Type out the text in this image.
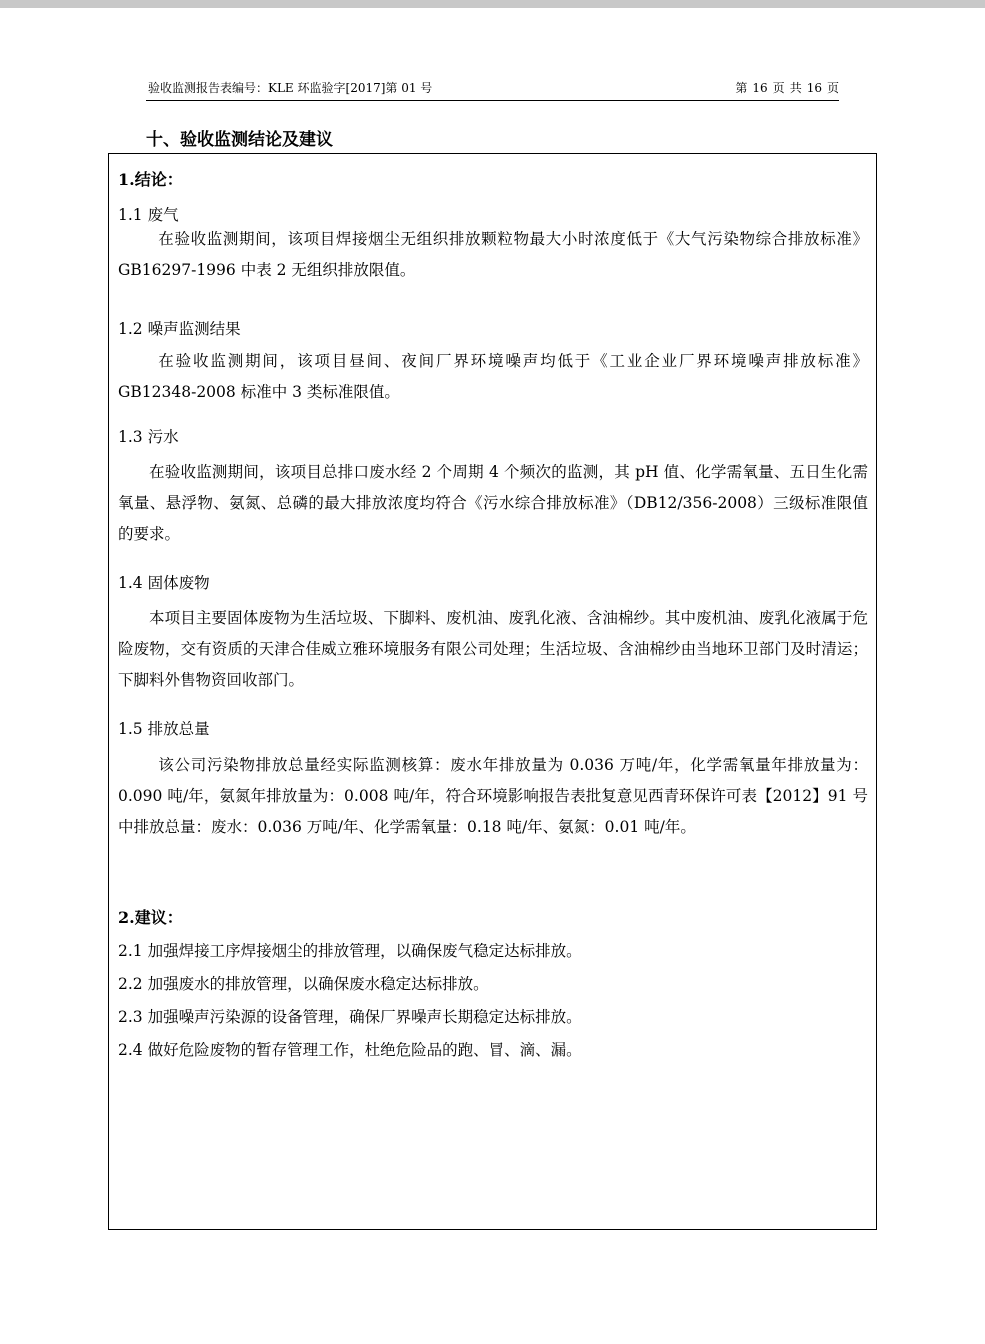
验收监测报告表编号：KLE 环监验字[2017]第 01 号	第 16 页 共 16 页
十、验收监测结论及建议
1.结论：
1.1 废气
在验收监测期间，该项目焊接烟尘无组织排放颗粒物最大小时浓度低于《大气污染物综合排放标准》GB16297-1996 中表 2 无组织排放限值。
1.2 噪声监测结果
在验收监测期间，该项目昼间、夜间厂界环境噪声均低于《工业企业厂界环境噪声排放标准》GB12348-2008 标准中 3 类标准限值。
1.3 污水
在验收监测期间，该项目总排口废水经 2 个周期 4 个频次的监测，其 pH 值、化学需氧量、五日生化需氧量、悬浮物、氨氮、总磷的最大排放浓度均符合《污水综合排放标准》（DB12/356-2008）三级标准限值的要求。
1.4 固体废物
本项目主要固体废物为生活垃圾、下脚料、废机油、废乳化液、含油棉纱。其中废机油、废乳化液属于危险废物，交有资质的天津合佳威立雅环境服务有限公司处理；生活垃圾、含油棉纱由当地环卫部门及时清运；下脚料外售物资回收部门。
1.5 排放总量
该公司污染物排放总量经实际监测核算：废水年排放量为 0.036 万吨/年，化学需氧量年排放量为：0.090 吨/年，氨氮年排放量为：0.008 吨/年，符合环境影响报告表批复意见西青环保许可表【2012】91 号中排放总量：废水：0.036 万吨/年、化学需氧量：0.18 吨/年、氨氮：0.01 吨/年。
2.建议：
2.1 加强焊接工序焊接烟尘的排放管理，以确保废气稳定达标排放。
2.2 加强废水的排放管理，以确保废水稳定达标排放。
2.3 加强噪声污染源的设备管理，确保厂界噪声长期稳定达标排放。
2.4 做好危险废物的暂存管理工作，杜绝危险品的跑、冒、滴、漏。
